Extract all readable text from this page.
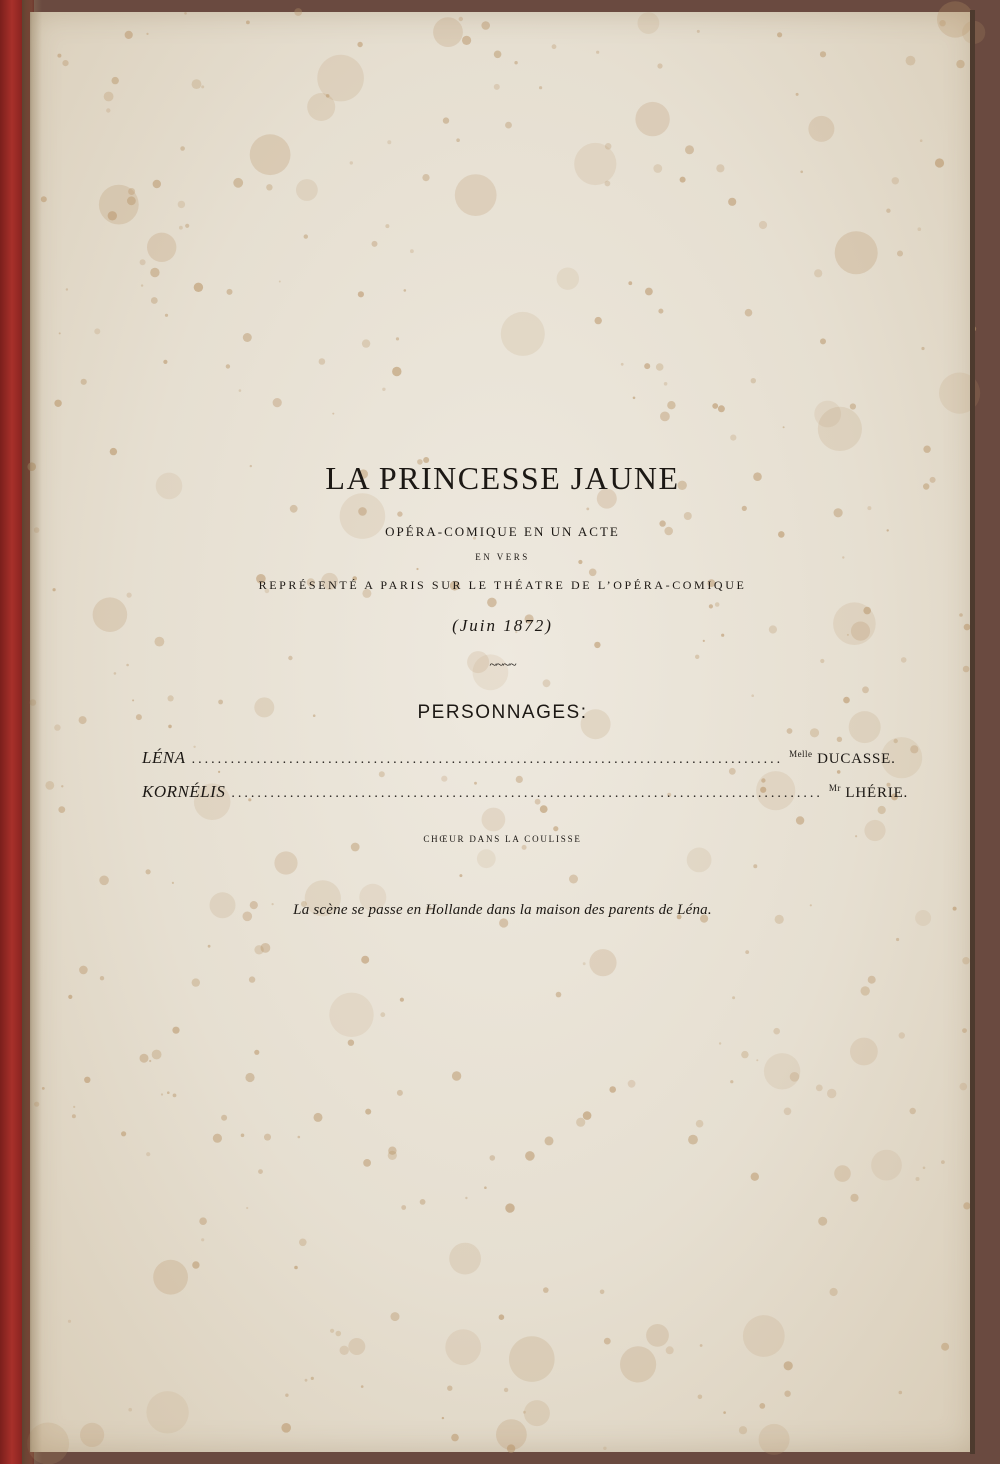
LA PRINCESSE JAUNE
OPÉRA-COMIQUE EN UN ACTE
EN VERS
REPRÉSENTÉ A PARIS SUR LE THÉATRE DE L’OPÉRA-COMIQUE
(Juin 1872)
~~~~
PERSONNAGES:
LÉNA ........................................................................................... $^{Melle}$ DUCASSE.
KORNÉLIS ........................................................................................... $^{Mr}$ LHÉRIE.
CHŒUR DANS LA COULISSE
La scène se passe en Hollande dans la maison des parents de Léna.
